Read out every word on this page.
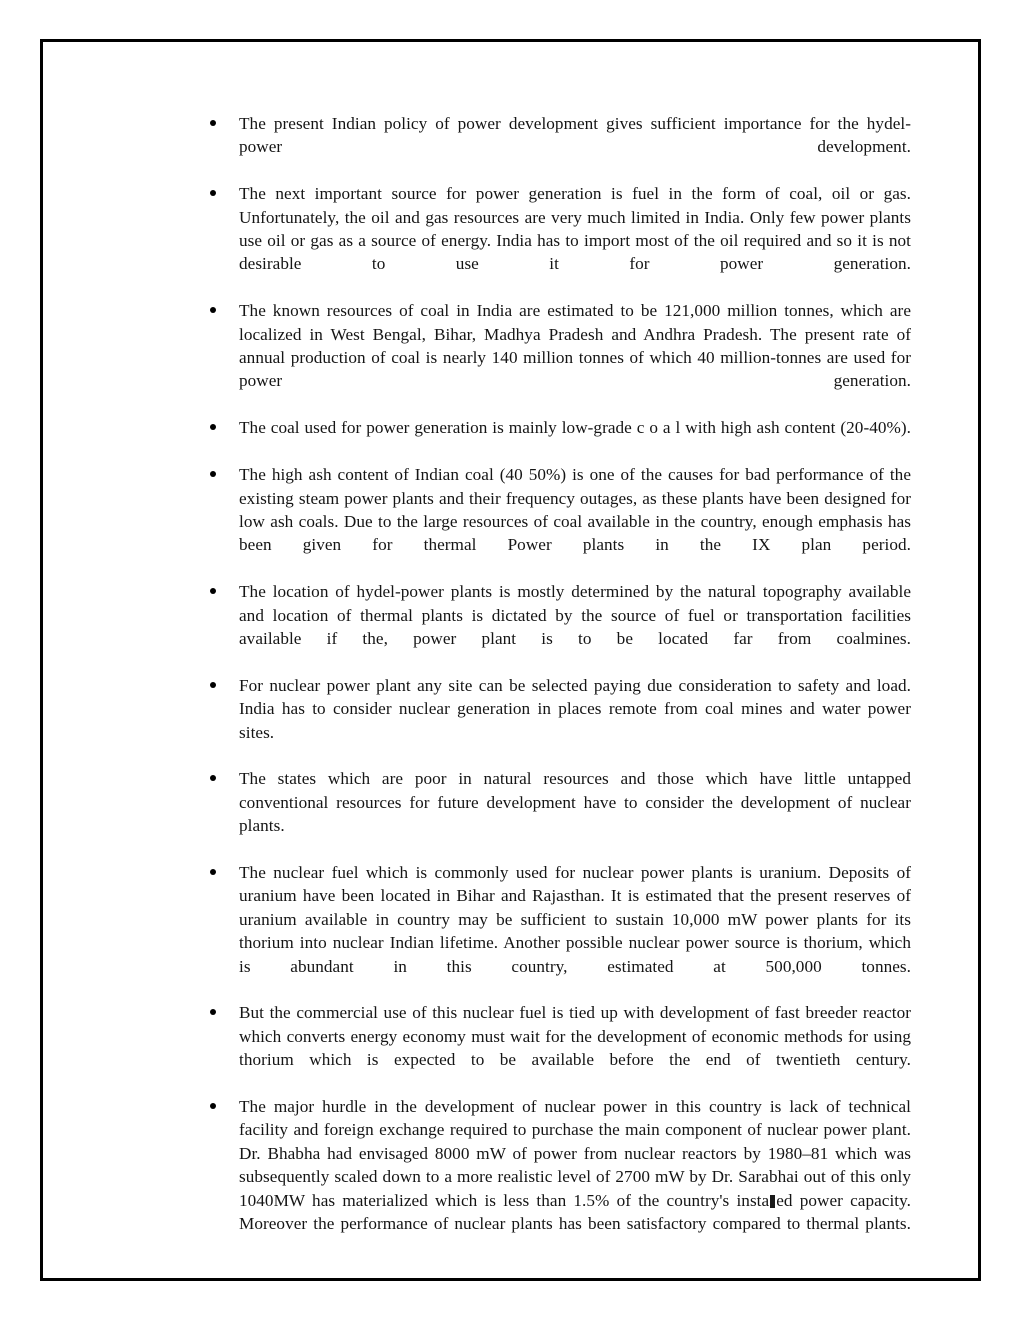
The present Indian policy of power development gives sufficient importance for the hydel-power development.
The next important source for power generation is fuel in the form of coal, oil or gas. Unfortunately, the oil and gas resources are very much limited in India. Only few power plants use oil or gas as a source of energy. India has to import most of the oil required and so it is not desirable to use it for power generation.
The known resources of coal in India are estimated to be 121,000 million tonnes, which are localized in West Bengal, Bihar, Madhya Pradesh and Andhra Pradesh. The present rate of annual production of coal is nearly 140 million tonnes of which 40 million-tonnes are used for power generation.
The coal used for power generation is mainly low-grade c o a l with high ash content (20-40%).
The high ash content of Indian coal (40 50%) is one of the causes for bad performance of the existing steam power plants and their frequency outages, as these plants have been designed for low ash coals. Due to the large resources of coal available in the country, enough emphasis has been given for thermal Power plants in the IX plan period.
The location of hydel-power plants is mostly determined by the natural topography available and location of thermal plants is dictated by the source of fuel or transportation facilities available if the, power plant is to be located far from coalmines.
For nuclear power plant any site can be selected paying due consideration to safety and load. India has to consider nuclear generation in places remote from coal mines and water power sites.
The states which are poor in natural resources and those which have little untapped conventional resources for future development have to consider the development of nuclear plants.
The nuclear fuel which is commonly used for nuclear power plants is uranium. Deposits of uranium have been located in Bihar and Rajasthan. It is estimated that the present reserves of uranium available in country may be sufficient to sustain 10,000 mW power plants for its thorium into nuclear Indian lifetime. Another possible nuclear power source is thorium, which is abundant in this country, estimated at 500,000 tonnes.
But the commercial use of this nuclear fuel is tied up with development of fast breeder reactor which converts energy economy must wait for the development of economic methods for using thorium which is expected to be available before the end of twentieth century.
The major hurdle in the development of nuclear power in this country is lack of technical facility and foreign exchange required to purchase the main component of nuclear power plant. Dr. Bhabha had envisaged 8000 mW of power from nuclear reactors by 1980–81 which was subsequently scaled down to a more realistic level of 2700 mW by Dr. Sarabhai out of this only 1040MW has materialized which is less than 1.5% of the country's insta ed power capacity. Moreover the performance of nuclear plants has been satisfactory compared to thermal plants.
